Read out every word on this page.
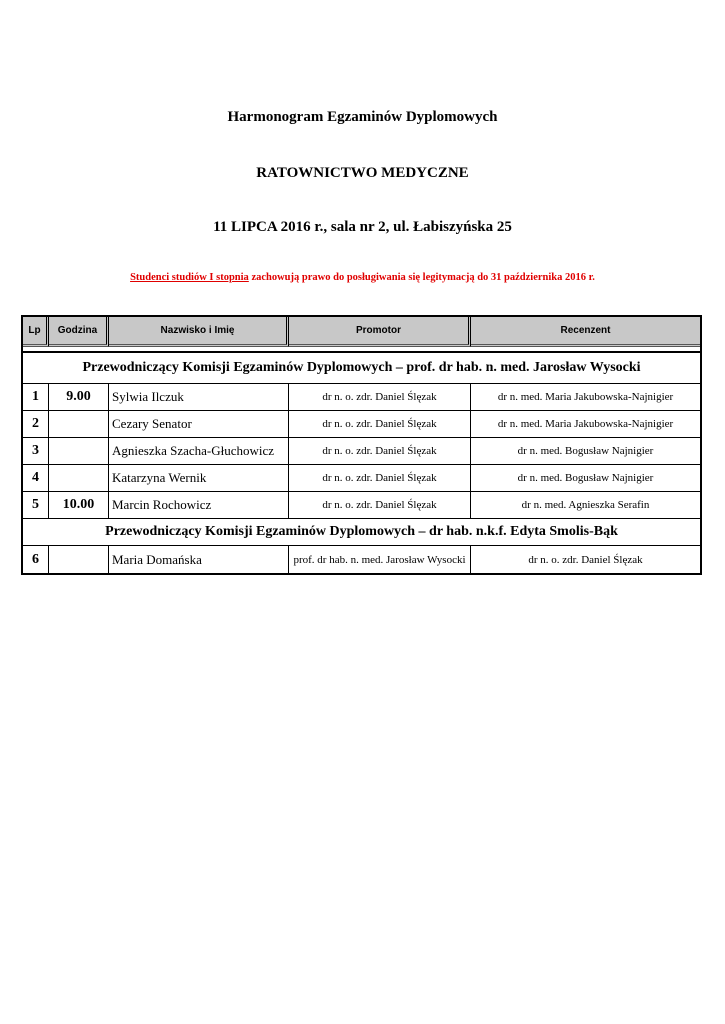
Harmonogram Egzaminów Dyplomowych
RATOWNICTWO MEDYCZNE
11 LIPCA 2016 r., sala nr 2, ul. Łabiszyńska 25
Studenci studiów I stopnia zachowują prawo do posługiwania się legitymacją do 31 października 2016 r.
Lp	Godzina	Nazwisko i Imię	Promotor	Recenzent

Przewodniczący Komisji Egzaminów Dyplomowych – prof. dr hab. n. med. Jarosław Wysocki				
1	9.00	Sylwia Ilczuk	dr n. o. zdr. Daniel Ślęzak	dr n. med. Maria Jakubowska-Najnigier
2		Cezary Senator	dr n. o. zdr. Daniel Ślęzak	dr n. med. Maria Jakubowska-Najnigier
3		Agnieszka Szacha-Głuchowicz	dr n. o. zdr. Daniel Ślęzak	dr n. med. Bogusław Najnigier
4		Katarzyna Wernik	dr n. o. zdr. Daniel Ślęzak	dr n. med. Bogusław Najnigier
5	10.00	Marcin Rochowicz	dr n. o. zdr. Daniel Ślęzak	dr n. med. Agnieszka Serafin
Przewodniczący Komisji Egzaminów Dyplomowych – dr hab. n.k.f. Edyta Smolis-Bąk				
6		Maria Domańska	prof. dr hab. n. med. Jarosław Wysocki	dr n. o. zdr. Daniel Ślęzak
